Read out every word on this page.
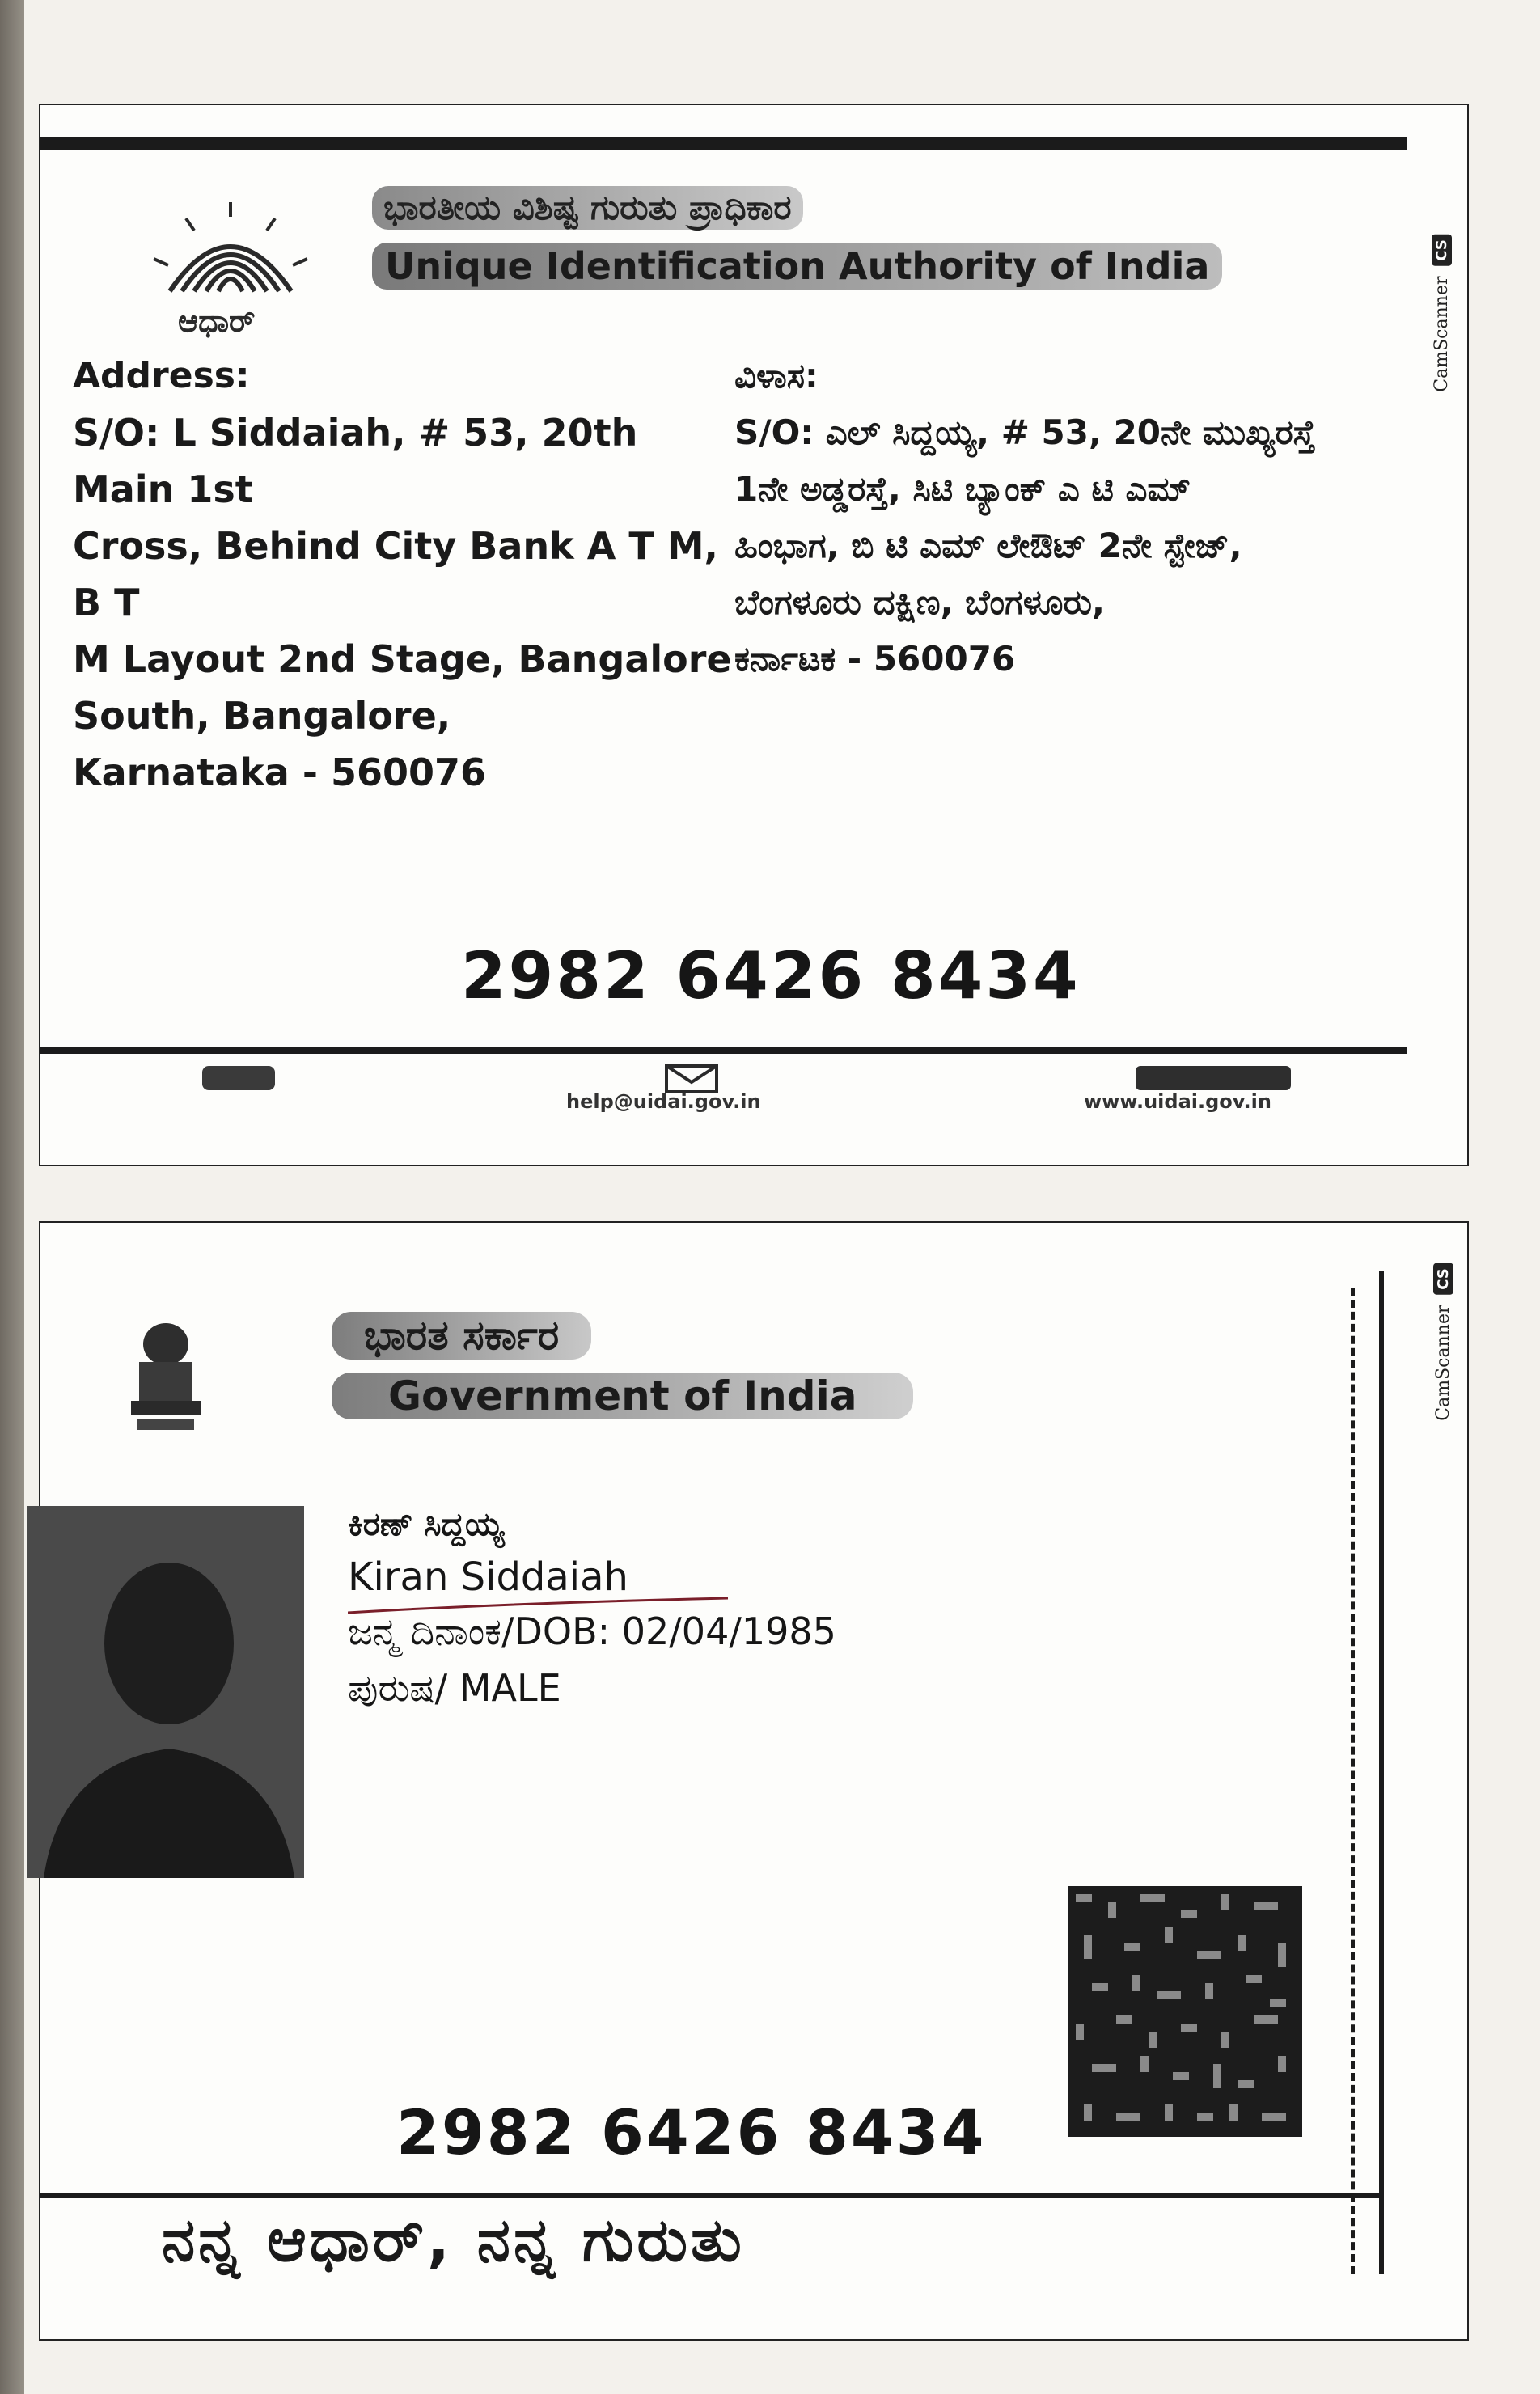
ಆಧಾರ್
ಭಾರತೀಯ ವಿಶಿಷ್ಟ ಗುರುತು ಪ್ರಾಧಿಕಾರ
Unique Identification Authority of India
Address:
S/O: L Siddaiah, # 53, 20th Main 1st
Cross, Behind City Bank A T M, B T
M Layout 2nd Stage, Bangalore
South, Bangalore,
Karnataka - 560076
ವಿಳಾಸ:
S/O: ಎಲ್ ಸಿದ್ದಯ್ಯ, # 53, 20ನೇ ಮುಖ್ಯರಸ್ತೆ
1ನೇ ಅಡ್ಡರಸ್ತೆ, ಸಿಟಿ ಬ್ಯಾಂಕ್ ಎ ಟಿ ಎಮ್
ಹಿಂಭಾಗ, ಬಿ ಟಿ ಎಮ್ ಲೇಔಟ್ 2ನೇ ಸ್ಟೇಜ್,
ಬೆಂಗಳೂರು ದಕ್ಷಿಣ, ಬೆಂಗಳೂರು,
ಕರ್ನಾಟಕ - 560076
2982 6426 8434
help@uidai.gov.in	www.uidai.gov.in
CamScanner CS
ಭಾರತ ಸರ್ಕಾರ
Government of India
ಕಿರಣ್ ಸಿದ್ದಯ್ಯ
Kiran Siddaiah
ಜನ್ಮ ದಿನಾಂಕ/DOB: 02/04/1985
ಪುರುಷ/ MALE
2982 6426 8434
ನನ್ನ ಆಧಾರ್, ನನ್ನ ಗುರುತು
CamScanner CS
